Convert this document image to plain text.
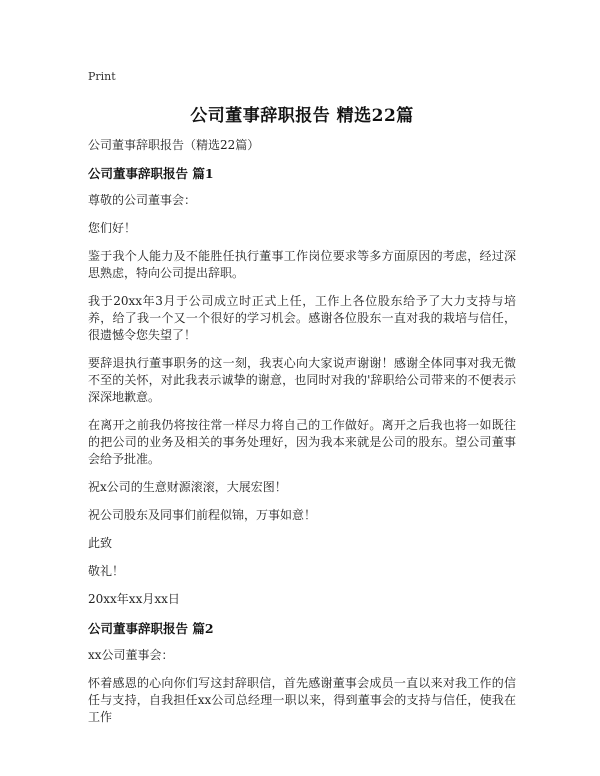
Print
公司董事辞职报告 精选22篇
公司董事辞职报告（精选22篇）
公司董事辞职报告 篇1

尊敬的公司董事会：

您们好！

鉴于我个人能力及不能胜任执行董事工作岗位要求等多方面原因的考虑，经过深思熟虑，特向公司提出辞职。

我于20xx年3月于公司成立时正式上任，工作上各位股东给予了大力支持与培养，给了我一个又一个很好的学习机会。感谢各位股东一直对我的栽培与信任，很遗憾令您失望了！

要辞退执行董事职务的这一刻，我衷心向大家说声谢谢！感谢全体同事对我无微不至的关怀，对此我表示诚挚的谢意，也同时对我的'辞职给公司带来的不便表示深深地歉意。

在离开之前我仍将按往常一样尽力将自己的工作做好。离开之后我也将一如既往的把公司的业务及相关的事务处理好，因为我本来就是公司的股东。望公司董事会给予批准。

祝x公司的生意财源滚滚，大展宏图！

祝公司股东及同事们前程似锦，万事如意！

此致

敬礼！

20xx年xx月xx日

公司董事辞职报告 篇2

xx公司董事会：

怀着感恩的心向你们写这封辞职信，首先感谢董事会成员一直以来对我工作的信任与支持，自我担任xx公司总经理一职以来，得到董事会的支持与信任，使我在工作
